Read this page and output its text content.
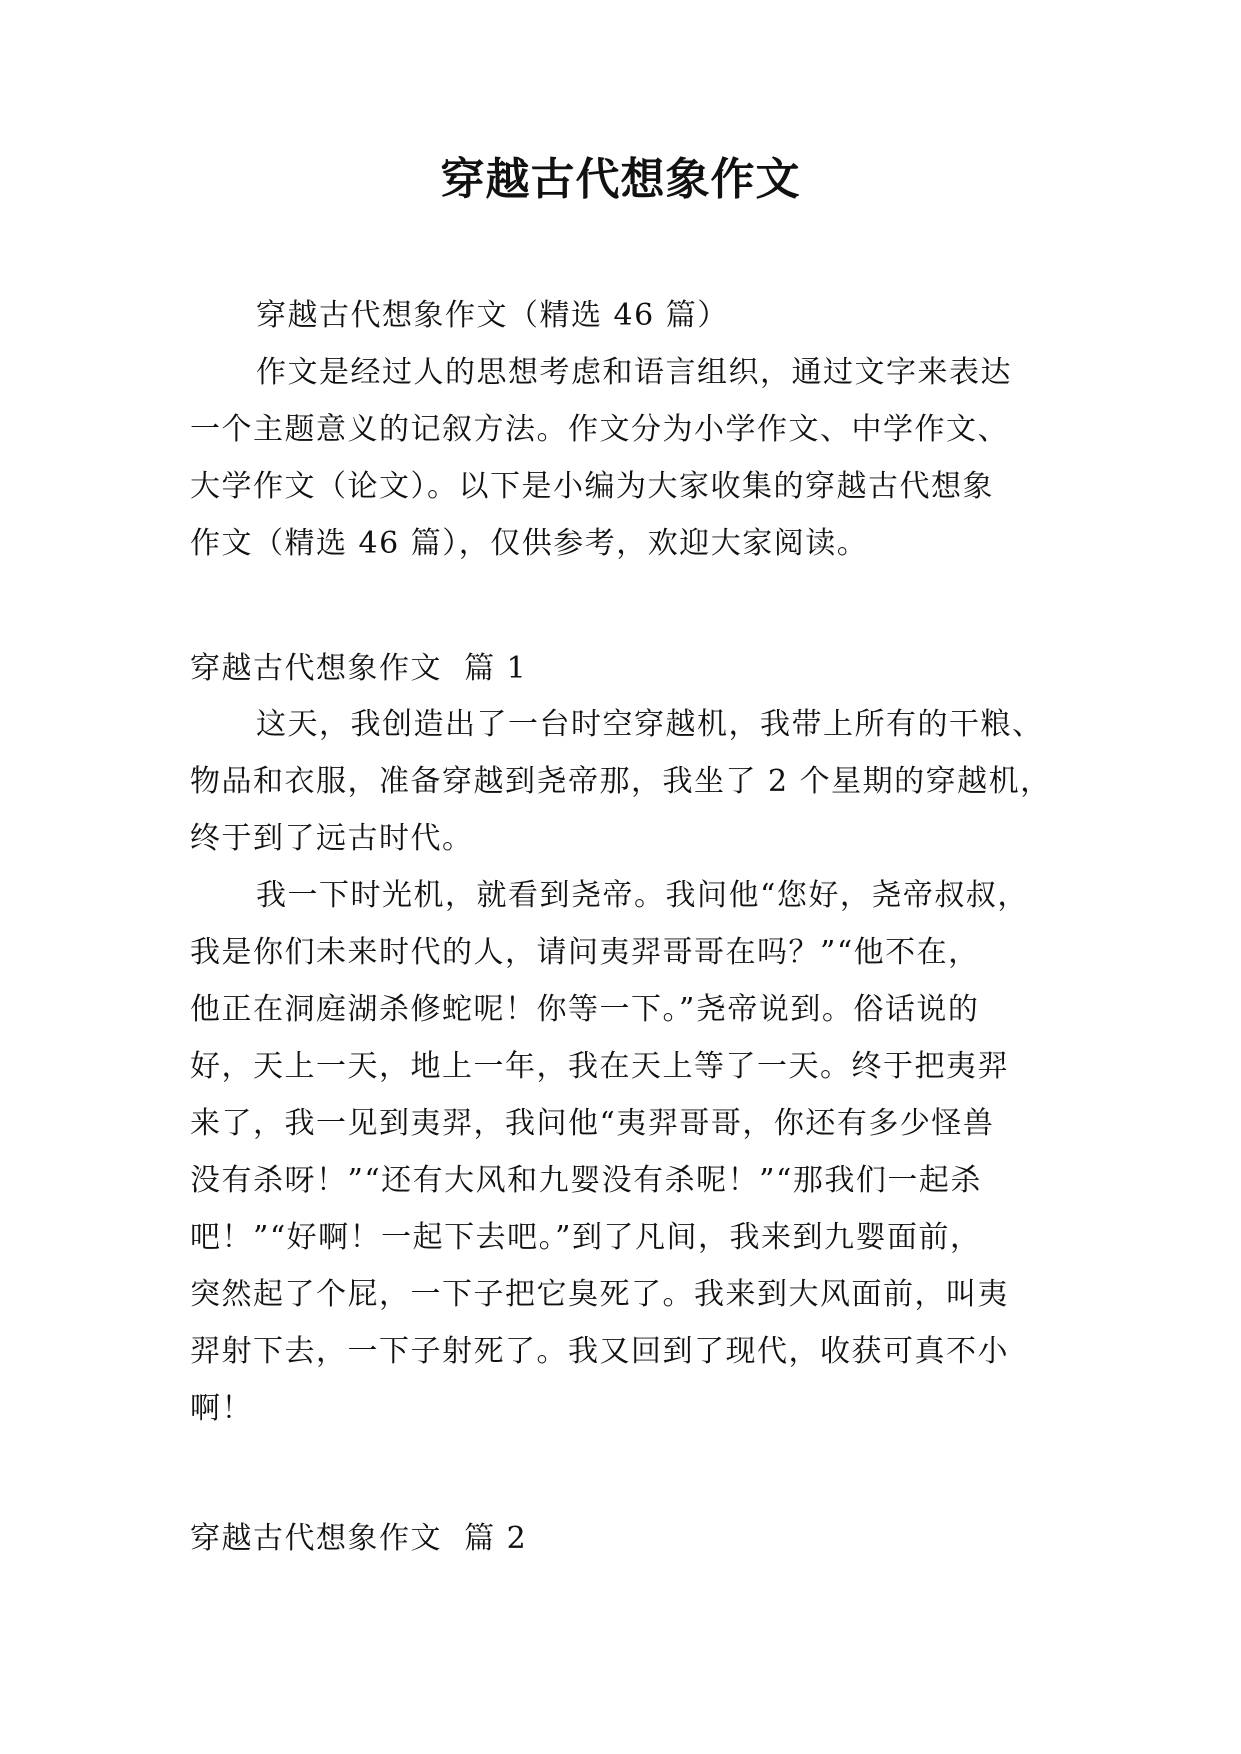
穿越古代想象作文
穿越古代想象作文（精选 46 篇）
作文是经过人的思想考虑和语言组织，通过文字来表达
一个主题意义的记叙方法。作文分为小学作文、中学作文、
大学作文（论文）。以下是小编为大家收集的穿越古代想象
作文（精选 46 篇），仅供参考，欢迎大家阅读。
穿越古代想象作文  篇 1
这天，我创造出了一台时空穿越机，我带上所有的干粮、
物品和衣服，准备穿越到尧帝那，我坐了 2 个星期的穿越机，
终于到了远古时代。
我一下时光机，就看到尧帝。我问他“您好，尧帝叔叔，
我是你们未来时代的人，请问夷羿哥哥在吗？”“他不在，
他正在洞庭湖杀修蛇呢！你等一下。”尧帝说到。俗话说的
好，天上一天，地上一年，我在天上等了一天。终于把夷羿
来了，我一见到夷羿，我问他“夷羿哥哥，你还有多少怪兽
没有杀呀！”“还有大风和九婴没有杀呢！”“那我们一起杀
吧！”“好啊！一起下去吧。”到了凡间，我来到九婴面前，
突然起了个屁，一下子把它臭死了。我来到大风面前，叫夷
羿射下去，一下子射死了。我又回到了现代，收获可真不小
啊！
穿越古代想象作文  篇 2
